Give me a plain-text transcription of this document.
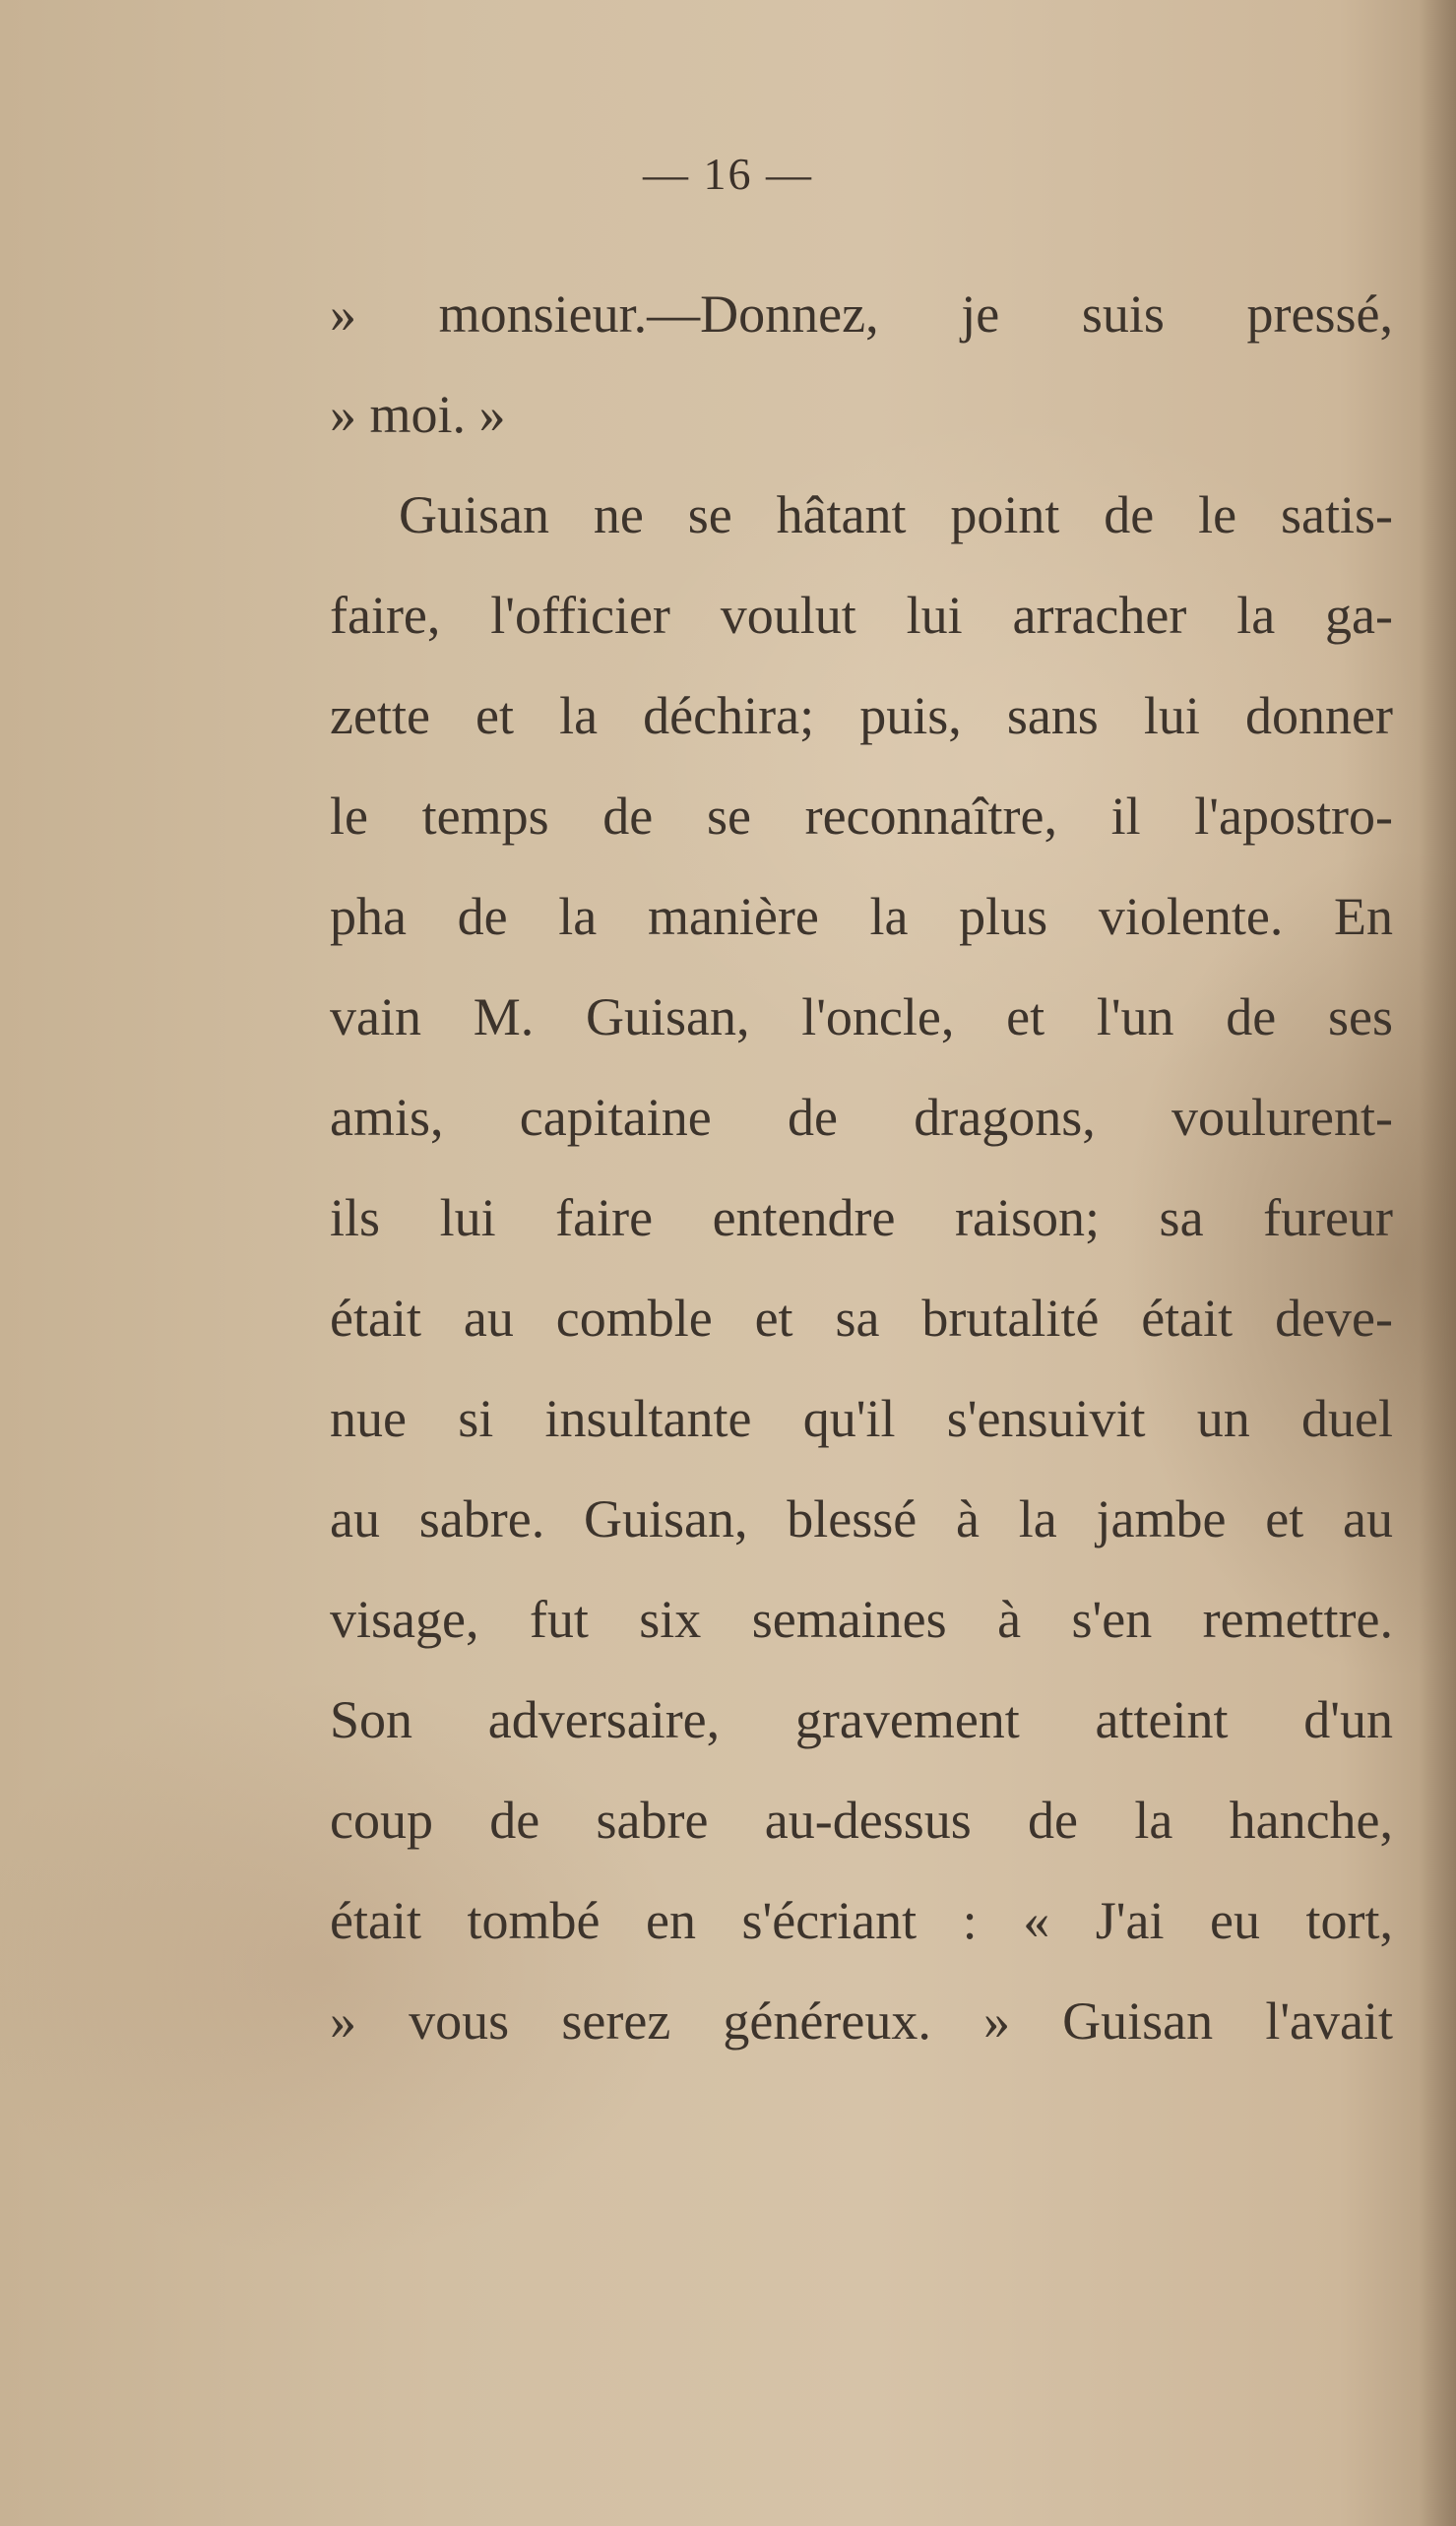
— 16 —
» monsieur.—Donnez, je suis pressé,
» moi. »
Guisan ne se hâtant point de le satis-
faire, l'officier voulut lui arracher la ga-
zette et la déchira; puis, sans lui donner
le temps de se reconnaître, il l'apostro-
pha de la manière la plus violente. En
vain M. Guisan, l'oncle, et l'un de ses
amis, capitaine de dragons, voulurent-
ils lui faire entendre raison; sa fureur
était au comble et sa brutalité était deve-
nue si insultante qu'il s'ensuivit un duel
au sabre. Guisan, blessé à la jambe et au
visage, fut six semaines à s'en remettre.
Son adversaire, gravement atteint d'un
coup de sabre au-dessus de la hanche,
était tombé en s'écriant : « J'ai eu tort,
» vous serez généreux. » Guisan l'avait
